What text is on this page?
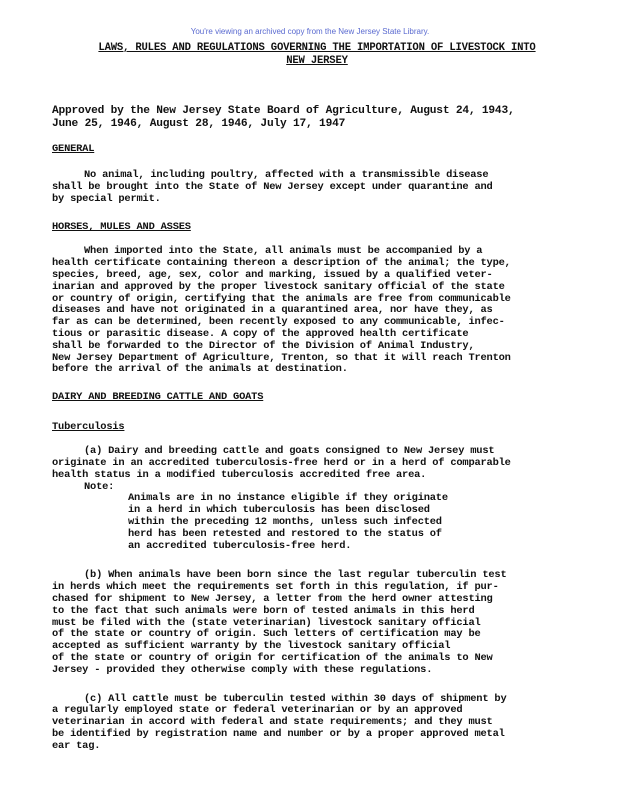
You're viewing an archived copy from the New Jersey State Library.
LAWS, RULES AND REGULATIONS GOVERNING THE IMPORTATION OF LIVESTOCK INTO
NEW JERSEY
Approved by the New Jersey State Board of Agriculture, August 24, 1943,
June 25, 1946, August 28, 1946, July 17, 1947
GENERAL
No animal, including poultry, affected with a transmissible disease
shall be brought into the State of New Jersey except under quarantine and
by special permit.
HORSES, MULES AND ASSES
When imported into the State, all animals must be accompanied by a
health certificate containing thereon a description of the animal; the type,
species, breed, age, sex, color and marking, issued by a qualified veter-
inarian and approved by the proper livestock sanitary official of the state
or country of origin, certifying that the animals are free from communicable
diseases and have not originated in a quarantined area, nor have they, as
far as can be determined, been recently exposed to any communicable, infec-
tious or parasitic disease. A copy of the approved health certificate
shall be forwarded to the Director of the Division of Animal Industry,
New Jersey Department of Agriculture, Trenton, so that it will reach Trenton
before the arrival of the animals at destination.
DAIRY AND BREEDING CATTLE AND GOATS
Tuberculosis
(a) Dairy and breeding cattle and goats consigned to New Jersey must
originate in an accredited tuberculosis-free herd or in a herd of comparable
health status in a modified tuberculosis accredited free area.
Note:
Animals are in no instance eligible if they originate
in a herd in which tuberculosis has been disclosed
within the preceding 12 months, unless such infected
herd has been retested and restored to the status of
an accredited tuberculosis-free herd.
(b) When animals have been born since the last regular tuberculin test
in herds which meet the requirements set forth in this regulation, if pur-
chased for shipment to New Jersey, a letter from the herd owner attesting
to the fact that such animals were born of tested animals in this herd
must be filed with the (state veterinarian) livestock sanitary official
of the state or country of origin. Such letters of certification may be
accepted as sufficient warranty by the livestock sanitary official
of the state or country of origin for certification of the animals to New
Jersey - provided they otherwise comply with these regulations.
(c) All cattle must be tuberculin tested within 30 days of shipment by
a regularly employed state or federal veterinarian or by an approved
veterinarian in accord with federal and state requirements; and they must
be identified by registration name and number or by a proper approved metal
ear tag.
